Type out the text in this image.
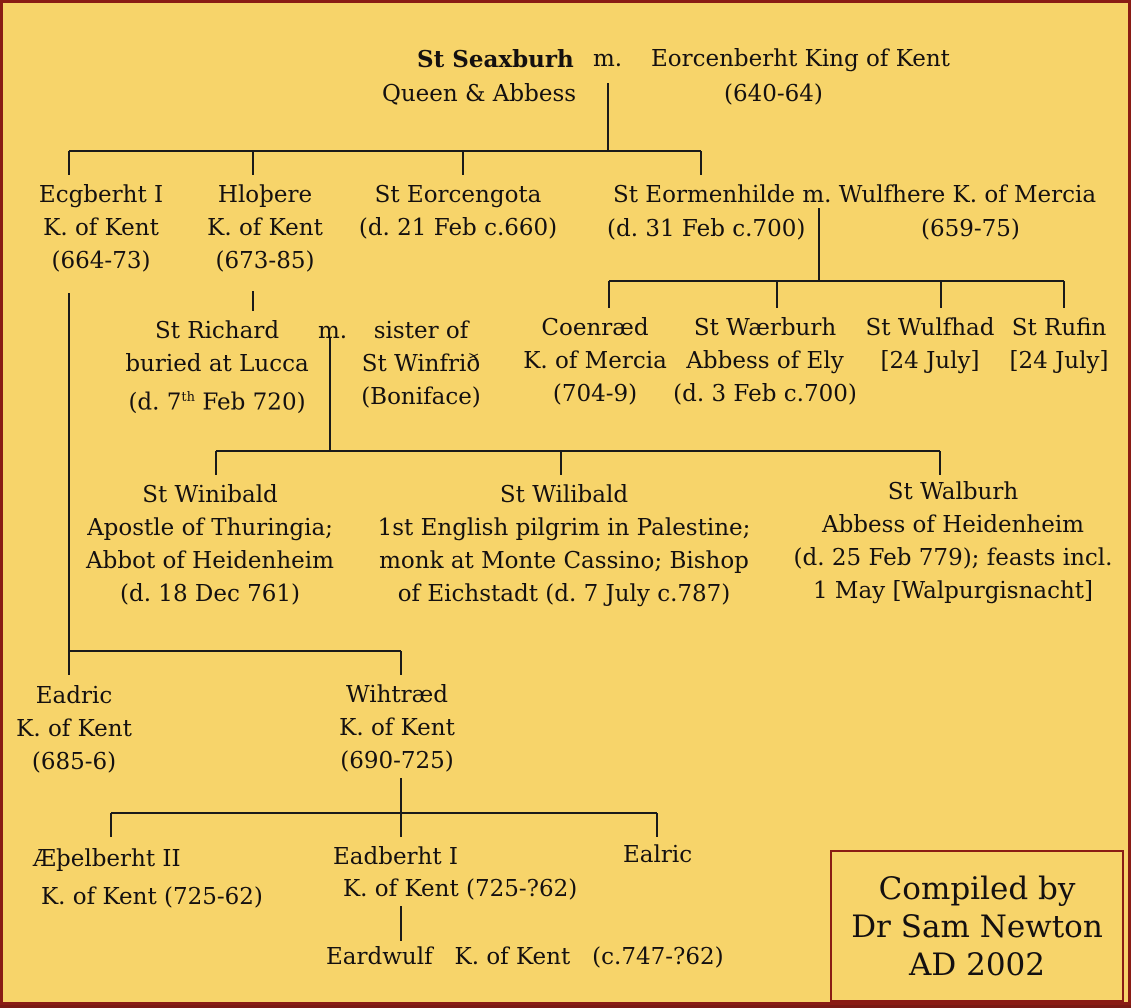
St Seaxburh m. Eorcenberht King of Kent
Queen & Abbess	(640-64)
Ecgberht I
K. of Kent
(664-73)
Hloþere
K. of Kent
(673-85)
St Eorcengota
(d. 21 Feb c.660)
St Eormenhilde m. Wulfhere K. of Mercia
(d. 31 Feb c.700)	(659-75)
St Richard
buried at Lucca
(d. 7th Feb 720)
m.	sister of
St Winfrið
(Boniface)
Coenræd
K. of Mercia
(704-9)
St Wærburh
Abbess of Ely
(d. 3 Feb c.700)
St Wulfhad
[24 July]
St Rufin
[24 July]
St Winibald
Apostle of Thuringia;
Abbot of Heidenheim
(d. 18 Dec 761)
St Wilibald
1st English pilgrim in Palestine;
monk at Monte Cassino; Bishop
of Eichstadt (d. 7 July c.787)
St Walburh
Abbess of Heidenheim
(d. 25 Feb 779); feasts incl.
1 May [Walpurgisnacht]
Eadric
K. of Kent
(685-6)
Wihtræd
K. of Kent
(690-725)
Æþelberht II
K. of Kent (725-62)
Eadberht I
K. of Kent (725-?62)
Ealric
Eardwulf   K. of Kent   (c.747-?62)
Compiled by
Dr Sam Newton
AD 2002
